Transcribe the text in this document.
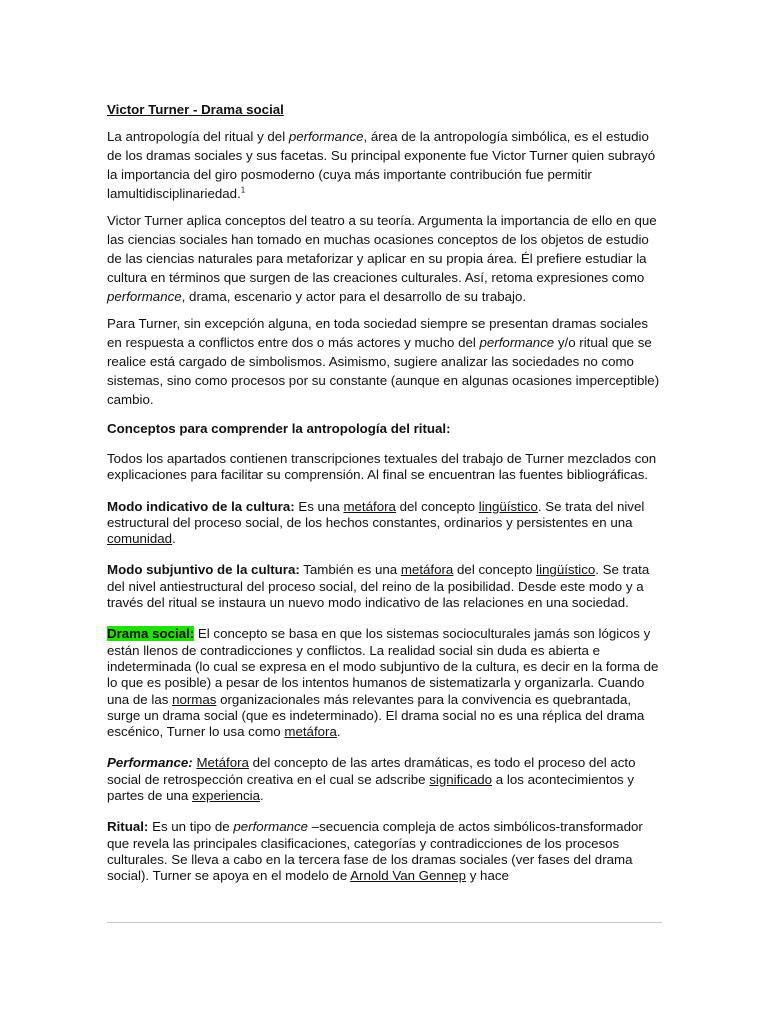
Victor Turner - Drama social

La antropología del ritual y del performance, área de la antropología simbólica, es el estudio de los dramas sociales y sus facetas. Su principal exponente fue Victor Turner quien subrayó la importancia del giro posmoderno (cuya más importante contribución fue permitir lamultidisciplinariedad.$^1$

Victor Turner aplica conceptos del teatro a su teoría. Argumenta la importancia de ello en que las ciencias sociales han tomado en muchas ocasiones conceptos de los objetos de estudio de las ciencias naturales para metaforizar y aplicar en su propia área. Él prefiere estudiar la cultura en términos que surgen de las creaciones culturales. Así, retoma expresiones como performance, drama, escenario y actor para el desarrollo de su trabajo.

Para Turner, sin excepción alguna, en toda sociedad siempre se presentan dramas sociales en respuesta a conflictos entre dos o más actores y mucho del performance y/o ritual que se realice está cargado de simbolismos. Asimismo, sugiere analizar las sociedades no como sistemas, sino como procesos por su constante (aunque en algunas ocasiones imperceptible) cambio.

Conceptos para comprender la antropología del ritual:

Todos los apartados contienen transcripciones textuales del trabajo de Turner mezclados con explicaciones para facilitar su comprensión. Al final se encuentran las fuentes bibliográficas.

Modo indicativo de la cultura: Es una metáfora del concepto lingüístico. Se trata del nivel estructural del proceso social, de los hechos constantes, ordinarios y persistentes en una comunidad.

Modo subjuntivo de la cultura: También es una metáfora del concepto lingüístico. Se trata del nivel antiestructural del proceso social, del reino de la posibilidad. Desde este modo y a través del ritual se instaura un nuevo modo indicativo de las relaciones en una sociedad.

Drama social: El concepto se basa en que los sistemas socioculturales jamás son lógicos y están llenos de contradicciones y conflictos. La realidad social sin duda es abierta e indeterminada (lo cual se expresa en el modo subjuntivo de la cultura, es decir en la forma de lo que es posible) a pesar de los intentos humanos de sistematizarla y organizarla. Cuando una de las normas organizacionales más relevantes para la convivencia es quebrantada, surge un drama social (que es indeterminado). El drama social no es una réplica del drama escénico, Turner lo usa como metáfora.

Performance: Metáfora del concepto de las artes dramáticas, es todo el proceso del acto social de retrospección creativa en el cual se adscribe significado a los acontecimientos y partes de una experiencia.

Ritual: Es un tipo de performance –secuencia compleja de actos simbólicos-transformador que revela las principales clasificaciones, categorías y contradicciones de los procesos culturales. Se lleva a cabo en la tercera fase de los dramas sociales (ver fases del drama social). Turner se apoya en el modelo de Arnold Van Gennep y hace
